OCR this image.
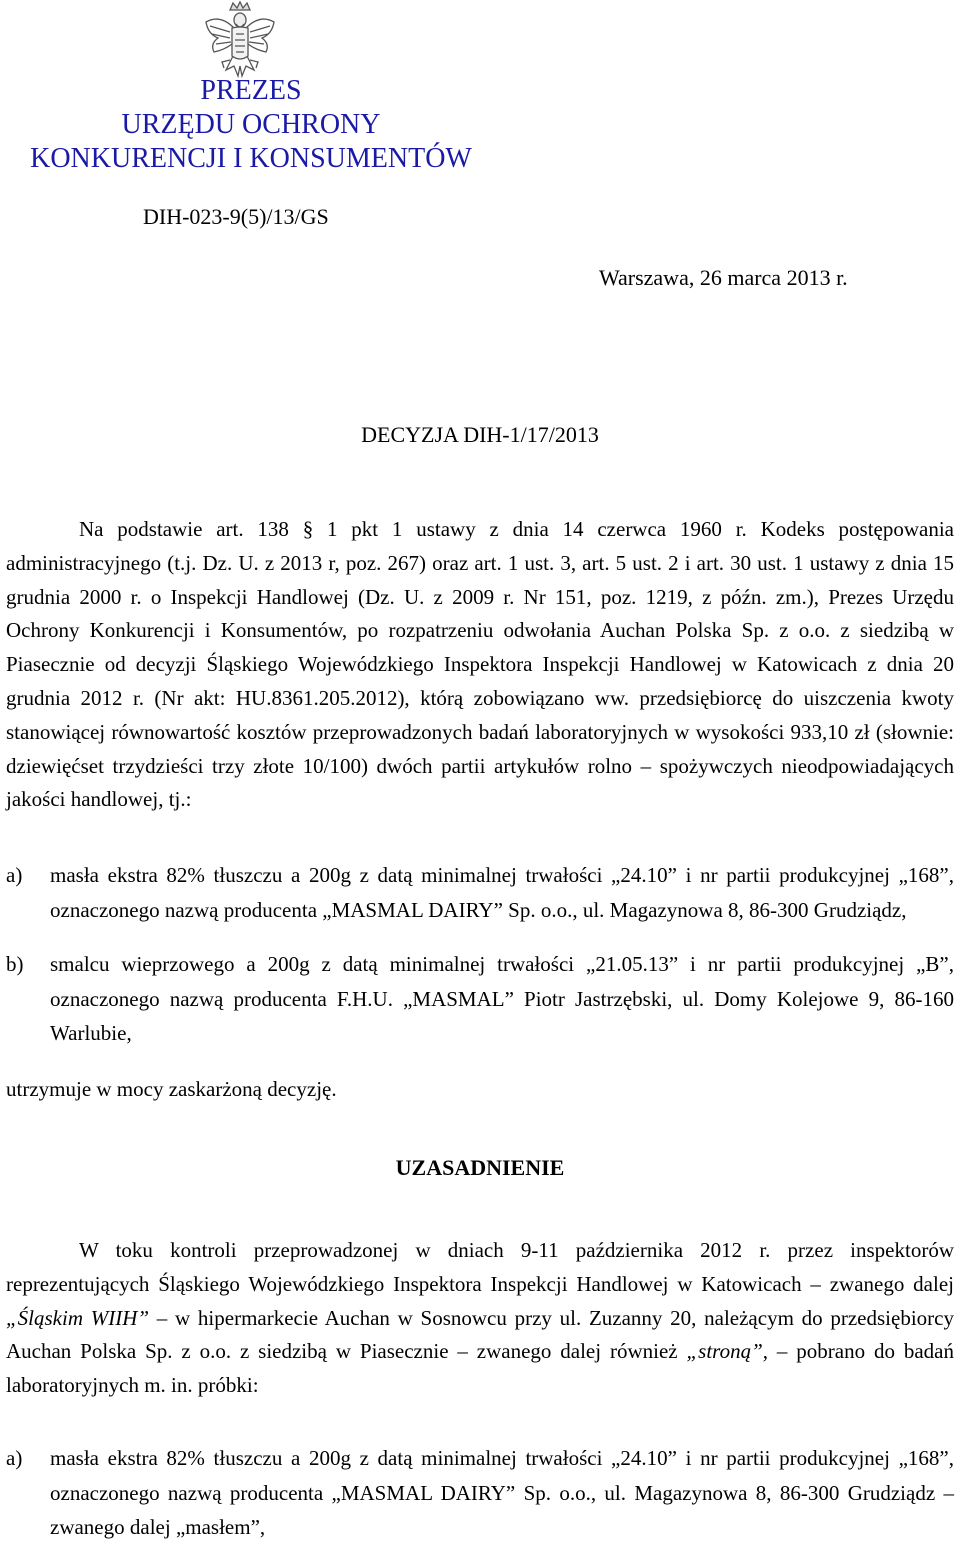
PREZES
URZĘDU OCHRONY
KONKURENCJI I KONSUMENTÓW
DIH-023-9(5)/13/GS
Warszawa, 26 marca 2013 r.
DECYZJA DIH-1/17/2013
Na podstawie art. 138 § 1 pkt 1 ustawy z dnia 14 czerwca 1960 r. Kodeks postępowania administracyjnego (t.j. Dz. U. z 2013 r, poz. 267) oraz art. 1 ust. 3, art. 5 ust. 2 i art. 30 ust. 1 ustawy z dnia 15 grudnia 2000 r. o Inspekcji Handlowej (Dz. U. z 2009 r. Nr 151, poz. 1219, z późn. zm.), Prezes Urzędu Ochrony Konkurencji i Konsumentów, po rozpatrzeniu odwołania Auchan Polska Sp. z o.o. z siedzibą w Piasecznie od decyzji Śląskiego Wojewódzkiego Inspektora Inspekcji Handlowej w Katowicach z dnia 20 grudnia 2012 r. (Nr akt: HU.8361.205.2012), którą zobowiązano ww. przedsiębiorcę do uiszczenia kwoty stanowiącej równowartość kosztów przeprowadzonych badań laboratoryjnych w wysokości 933,10 zł (słownie: dziewięćset trzydzieści trzy złote 10/100) dwóch partii artykułów rolno – spożywczych nieodpowiadających jakości handlowej, tj.:
a) masła ekstra 82% tłuszczu a 200g z datą minimalnej trwałości „24.10” i nr partii produkcyjnej „168”, oznaczonego nazwą producenta „MASMAL DAIRY” Sp. o.o., ul. Magazynowa 8, 86-300 Grudziądz,
b) smalcu wieprzowego a 200g z datą minimalnej trwałości „21.05.13” i nr partii produkcyjnej „B”, oznaczonego nazwą producenta F.H.U. „MASMAL” Piotr Jastrzębski, ul. Domy Kolejowe 9, 86-160 Warlubie,
utrzymuje w mocy zaskarżoną decyzję.
UZASADNIENIE
W toku kontroli przeprowadzonej w dniach 9-11 października 2012 r. przez inspektorów reprezentujących Śląskiego Wojewódzkiego Inspektora Inspekcji Handlowej w Katowicach – zwanego dalej „Śląskim WIIH” – w hipermarkecie Auchan w Sosnowcu przy ul. Zuzanny 20, należącym do przedsiębiorcy Auchan Polska Sp. z o.o. z siedzibą w Piasecznie – zwanego dalej również „stroną”, – pobrano do badań laboratoryjnych m. in. próbki:
a) masła ekstra 82% tłuszczu a 200g z datą minimalnej trwałości „24.10” i nr partii produkcyjnej „168”, oznaczonego nazwą producenta „MASMAL DAIRY” Sp. o.o., ul. Magazynowa 8, 86-300 Grudziądz – zwanego dalej „masłem”,
